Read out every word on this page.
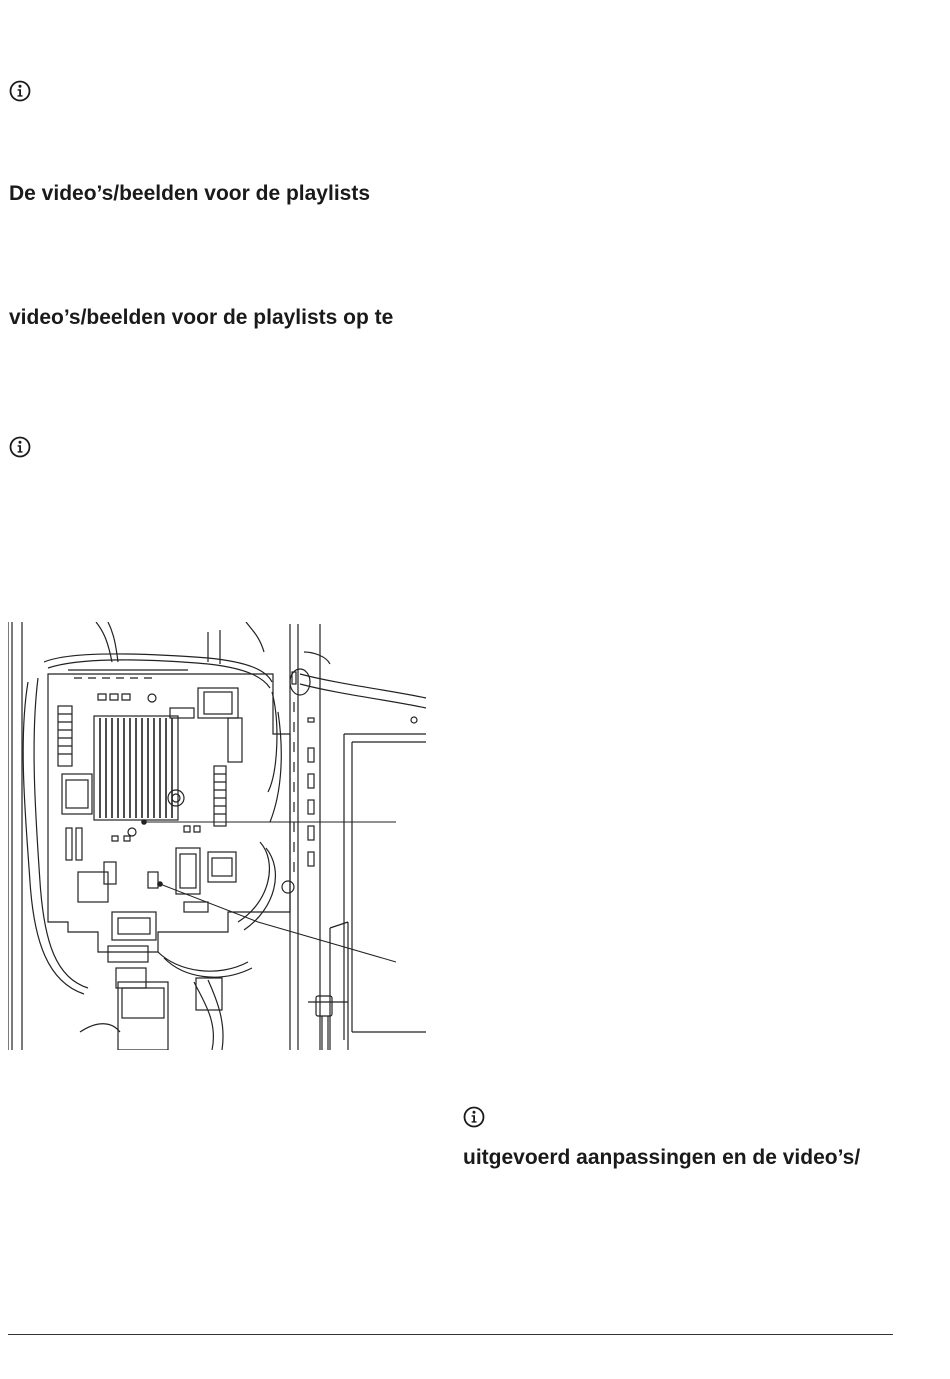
De video’s/beelden voor de playlists
video’s/beelden voor de playlists op te
uitgevoerd aanpassingen en de video’s/
